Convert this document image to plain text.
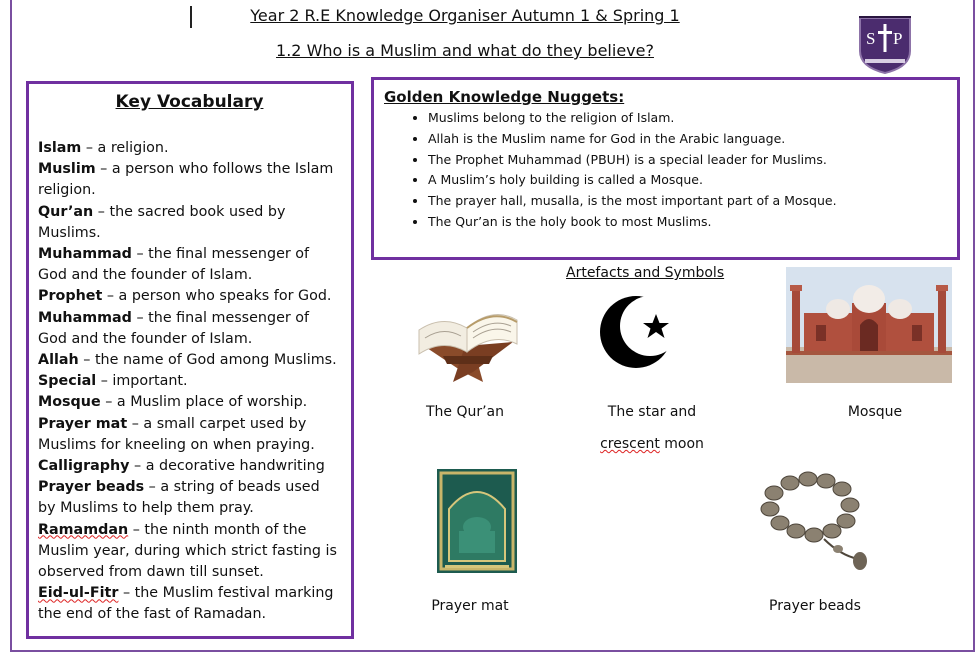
Year 2 R.E Knowledge Organiser Autumn 1 & Spring 1
1.2 Who is a Muslim and what do they believe?
S P
Key Vocabulary

Islam – a religion.

Muslim – a person who follows the Islam religion.

Qur’an – the sacred book used by Muslims.

Muhammad – the final messenger of God and the founder of Islam.

Prophet – a person who speaks for God.

Muhammad – the final messenger of God and the founder of Islam.

Allah – the name of God among Muslims.

Special – important.

Mosque – a Muslim place of worship.

Prayer mat – a small carpet used by Muslims for kneeling on when praying.

Calligraphy – a decorative handwriting

Prayer beads – a string of beads used by Muslims to help them pray.

Ramamdan – the ninth month of the Muslim year, during which strict fasting is observed from dawn till sunset.

Eid-ul-Fitr – the Muslim festival marking the end of the fast of Ramadan.

Golden Knowledge Nuggets:
• Muslims belong to the religion of Islam.
• Allah is the Muslim name for God in the Arabic language.
• The Prophet Muhammad (PBUH) is a special leader for Muslims.
• A Muslim’s holy building is called a Mosque.
• The prayer hall, musalla, is the most important part of a Mosque.
• The Qur’an is the holy book to most Muslims.
Artefacts and Symbols
The Qur’an	The star and
crescent moon
Mosque
Prayer mat	Prayer beads
